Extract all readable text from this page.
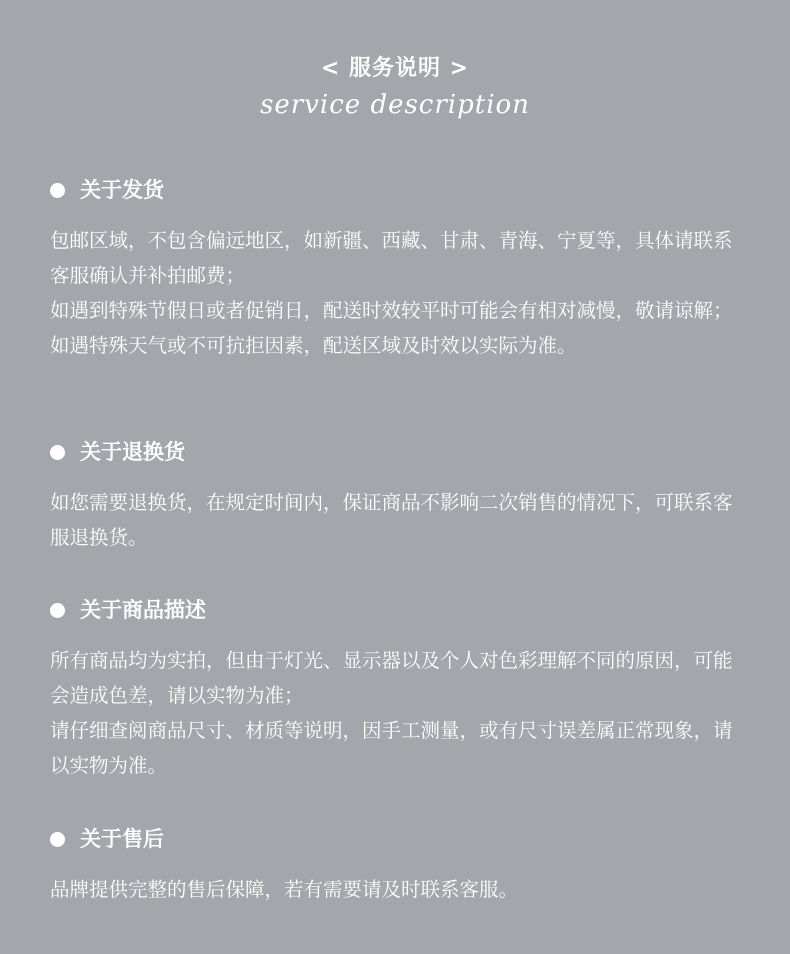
< 服务说明 >
service description
关于发货

包邮区域，不包含偏远地区，如新疆、西藏、甘肃、青海、宁夏等，具体请联系客服确认并补拍邮费；

如遇到特殊节假日或者促销日，配送时效较平时可能会有相对减慢，敬请谅解；

如遇特殊天气或不可抗拒因素，配送区域及时效以实际为准。

关于退换货

如您需要退换货，在规定时间内，保证商品不影响二次销售的情况下，可联系客服退换货。

关于商品描述

所有商品均为实拍，但由于灯光、显示器以及个人对色彩理解不同的原因，可能会造成色差，请以实物为准；

请仔细查阅商品尺寸、材质等说明，因手工测量，或有尺寸误差属正常现象，请以实物为准。

关于售后

品牌提供完整的售后保障，若有需要请及时联系客服。
